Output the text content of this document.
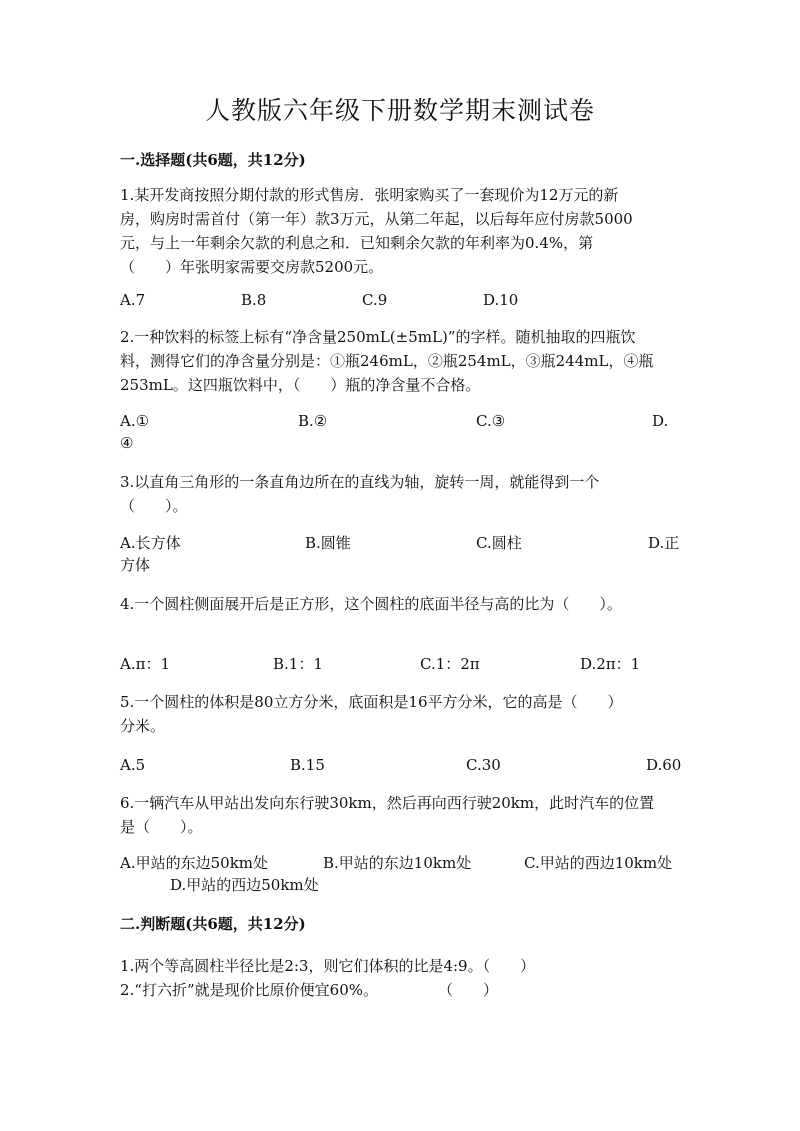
人教版六年级下册数学期末测试卷
一.选择题(共6题，共12分)
1.某开发商按照分期付款的形式售房．张明家购买了一套现价为12万元的新
房，购房时需首付（第一年）款3万元，从第二年起，以后每年应付房款5000
元，与上一年剩余欠款的利息之和．已知剩余欠款的年利率为0.4%，第
（　　）年张明家需要交房款5200元。
A.7	B.8	C.9	D.10
2.一种饮料的标签上标有“净含量250mL(±5mL)”的字样。随机抽取的四瓶饮
料，测得它们的净含量分别是：①瓶246mL，②瓶254mL，③瓶244mL，④瓶
253mL。这四瓶饮料中，（　　）瓶的净含量不合格。
A.①	B.②	C.③	D.
④
3.以直角三角形的一条直角边所在的直线为轴，旋转一周，就能得到一个
（　　）。
A.长方体	B.圆锥	C.圆柱	D.正
方体
4.一个圆柱侧面展开后是正方形，这个圆柱的底面半径与高的比为（　　）。
A.π：1	B.1：1	C.1：2π	D.2π：1
5.一个圆柱的体积是80立方分米，底面积是16平方分米，它的高是（　　）
分米。
A.5	B.15	C.30	D.60
6.一辆汽车从甲站出发向东行驶30km，然后再向西行驶20km，此时汽车的位置
是（　　）。
A.甲站的东边50km处	B.甲站的东边10km处	C.甲站的西边10km处
D.甲站的西边50km处
二.判断题(共6题，共12分)
1.两个等高圆柱半径比是2:3，则它们体积的比是4:9。（　　）
2.“打六折”就是现价比原价便宜60%。　　　　　（　　）
